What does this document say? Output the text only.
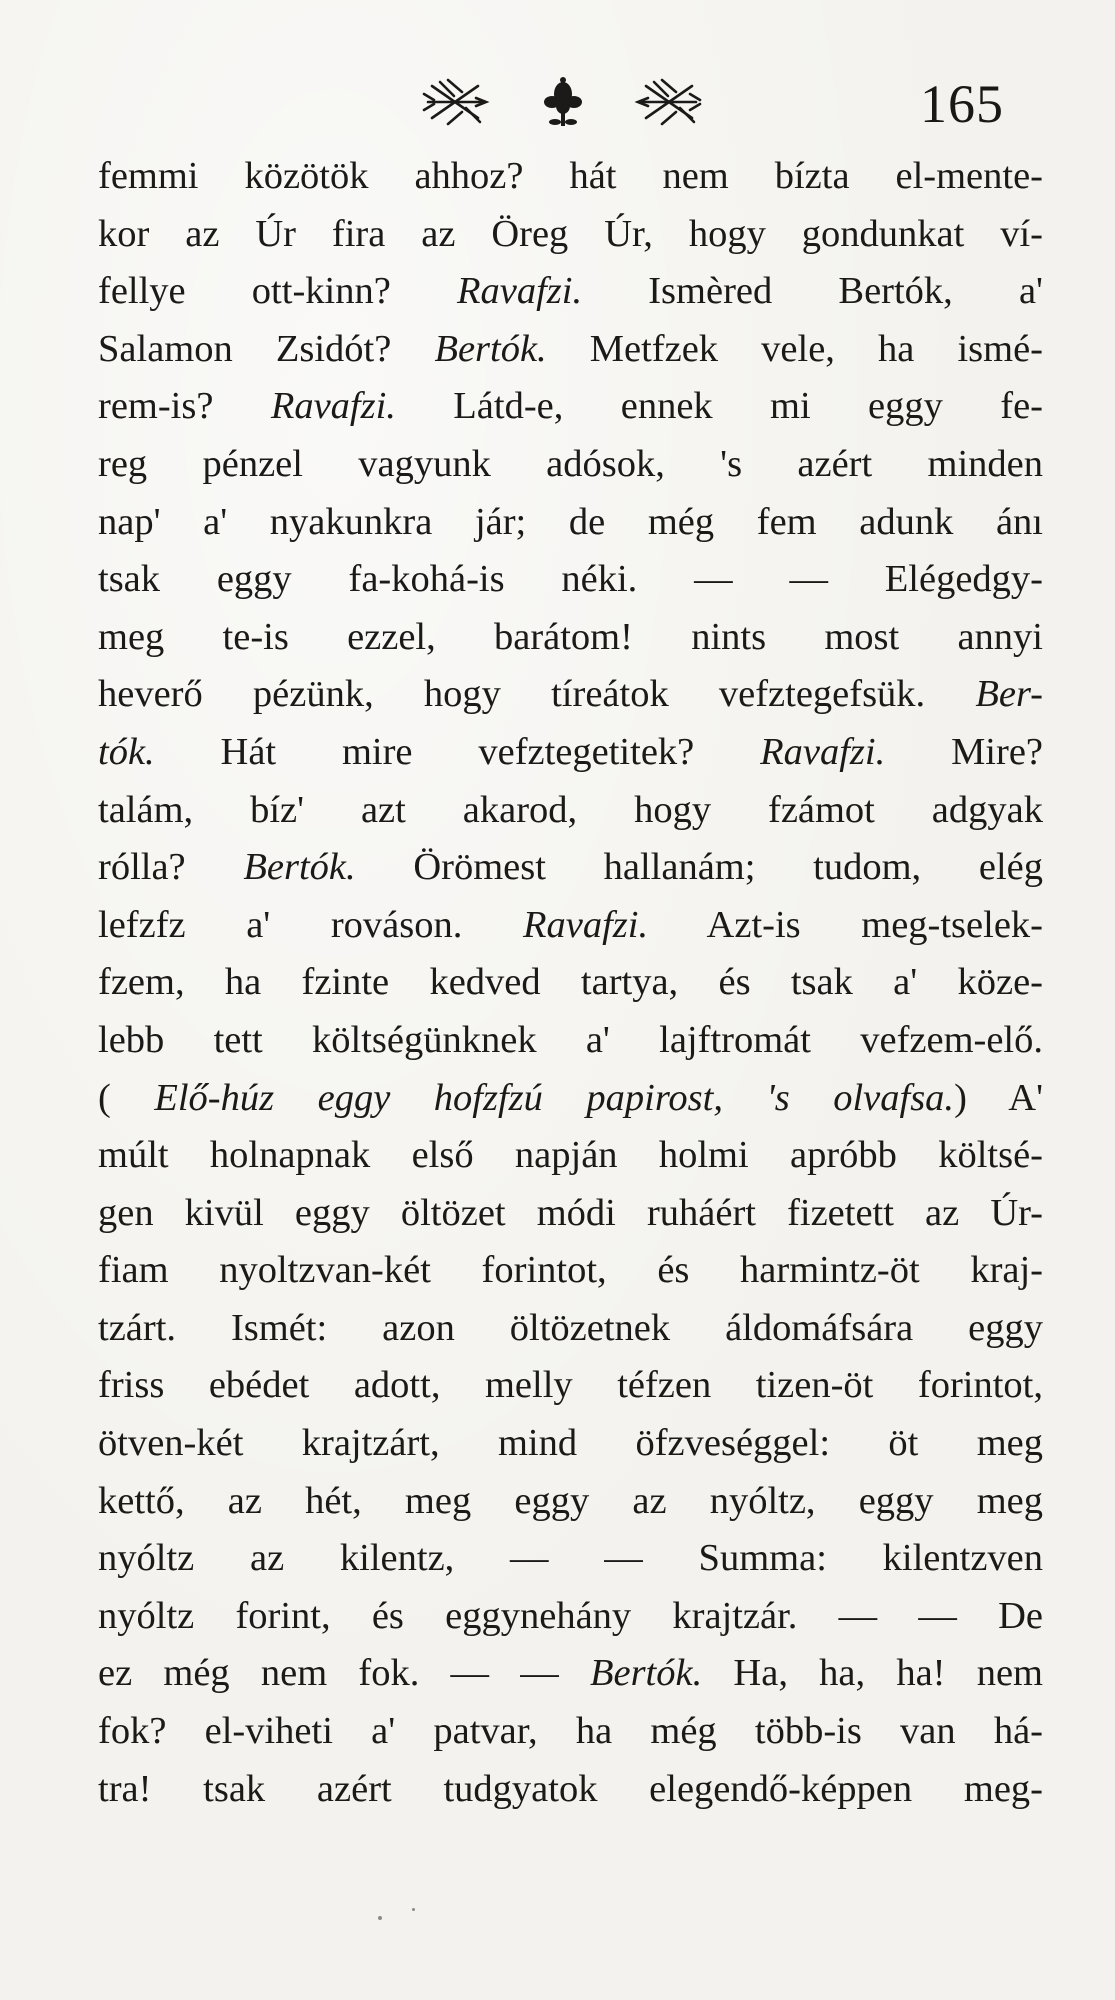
165
femmi közötök ahhoz? hát nem bízta el-mente-
kor az Úr fira az Öreg Úr, hogy gondunkat ví-
fellye ott-kinn? Ravafzi. Ismèred Bertók, a'
Salamon Zsidót? Bertók. Metfzek vele, ha ismé-
rem-is? Ravafzi. Látd-e, ennek mi eggy fe-
reg pénzel vagyunk adósok, 's azért minden
nap' a' nyakunkra jár; de még fem adunk ánı
tsak eggy fa-kohá-is néki. — — Elégedgy-
meg te-is ezzel, barátom! nints most annyi
heverő pézünk, hogy tíreátok vefztegefsük. Ber-
tók. Hát mire vefztegetitek? Ravafzi. Mire?
talám, bíz' azt akarod, hogy fzámot adgyak
rólla? Bertók. Örömest hallanám; tudom, elég
lefzfz a' rováson. Ravafzi. Azt-is meg-tselek-
fzem, ha fzinte kedved tartya, és tsak a' köze-
lebb tett költségünknek a' lajftromát vefzem-elő.
( Elő-húz eggy hofzfzú papirost, 's olvafsa.) A'
múlt holnapnak első napján holmi apróbb költsé-
gen kivül eggy öltözet módi ruháért fizetett az Úr-
fiam nyoltzvan-két forintot, és harmintz-öt kraj-
tzárt. Ismét: azon öltözetnek áldomáfsára eggy
friss ebédet adott, melly téfzen tizen-öt forintot,
ötven-két krajtzárt, mind öfzveséggel: öt meg
kettő, az hét, meg eggy az nyóltz, eggy meg
nyóltz az kilentz, — — Summa: kilentzven
nyóltz forint, és eggynehány krajtzár. — — De
ez még nem fok. — — Bertók. Ha, ha, ha! nem
fok? el-viheti a' patvar, ha még több-is van há-
tra! tsak azért tudgyatok elegendő-képpen meg-
